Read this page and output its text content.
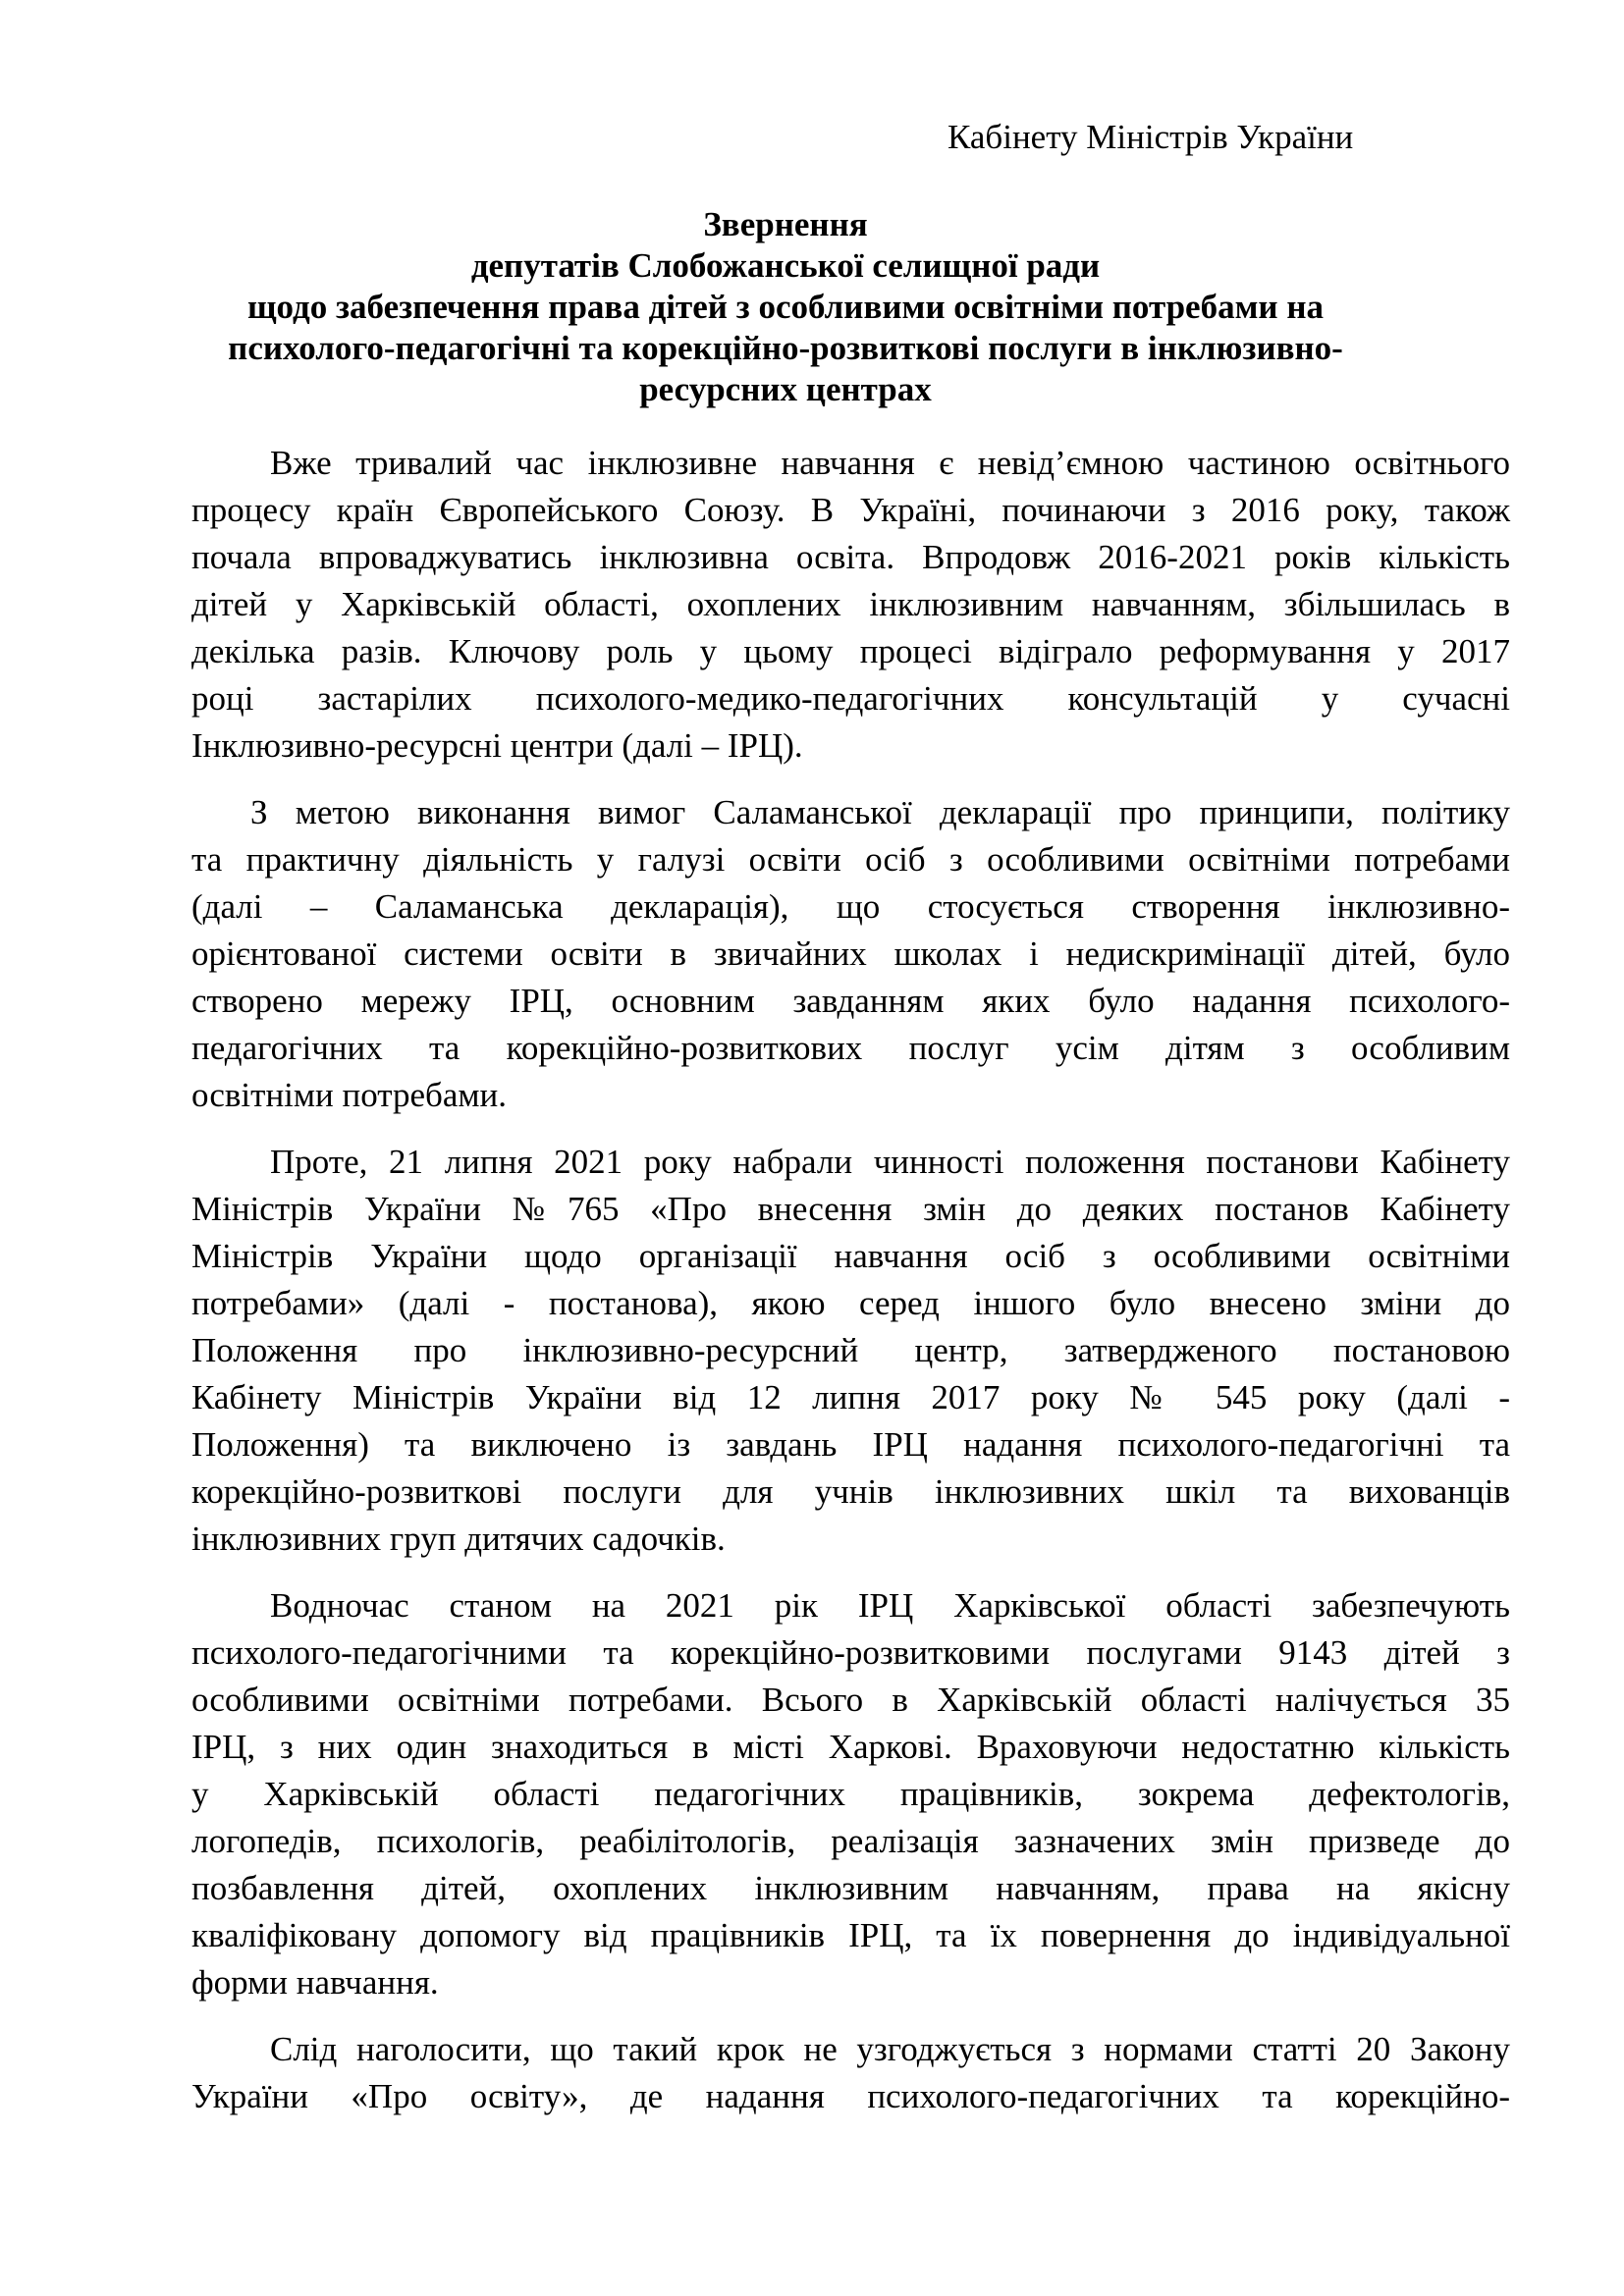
Кабінету Міністрів України
Звернення
депутатів Слобожанської селищної ради
щодо забезпечення права дітей з особливими освітніми потребами на
психолого-педагогічні та корекційно-розвиткові послуги в інклюзивно-
ресурсних центрах

Вже тривалий час інклюзивне навчання є невід’ємною частиною освітнього
процесу країн Європейського Союзу. В Україні, починаючи з 2016 року, також
почала впроваджуватись інклюзивна освіта. Впродовж 2016-2021 років кількість
дітей у Харківській області, охоплених інклюзивним навчанням, збільшилась в
декілька разів. Ключову роль у цьому процесі відіграло реформування у 2017
році застарілих психолого-медико-педагогічних консультацій у сучасні
Інклюзивно-ресурсні центри (далі – ІРЦ).

З метою виконання вимог Саламанської декларації про принципи, політику
та практичну діяльність у галузі освіти осіб з особливими освітніми потребами
(далі – Саламанська декларація), що стосується створення інклюзивно-
орієнтованої системи освіти в звичайних школах і недискримінації дітей, було
створено мережу ІРЦ, основним завданням яких було надання психолого-
педагогічних та корекційно-розвиткових послуг усім дітям з особливим
освітніми потребами.

Проте, 21 липня 2021 року набрали чинності положення постанови Кабінету
Міністрів України №765 «Про внесення змін до деяких постанов Кабінету
Міністрів України щодо організації навчання осіб з особливими освітніми
потребами» (далі - постанова), якою серед іншого було внесено зміни до
Положення про інклюзивно-ресурсний центр, затвердженого постановою
Кабінету Міністрів України від 12 липня 2017 року № 545 року (далі -
Положення) та виключено із завдань ІРЦ надання психолого-педагогічні та
корекційно-розвиткові послуги для учнів інклюзивних шкіл та вихованців
інклюзивних груп дитячих садочків.

Водночас станом на 2021 рік ІРЦ Харківської області забезпечують
психолого-педагогічними та корекційно-розвитковими послугами 9143 дітей з
особливими освітніми потребами. Всього в Харківській області налічується 35
ІРЦ, з них один знаходиться в місті Харкові. Враховуючи недостатню кількість
у Харківській області педагогічних працівників, зокрема дефектологів,
логопедів, психологів, реабілітологів, реалізація зазначених змін призведе до
позбавлення дітей, охоплених інклюзивним навчанням, права на якісну
кваліфіковану допомогу від працівників ІРЦ, та їх повернення до індивідуальної
форми навчання.

Слід наголосити, що такий крок не узгоджується з нормами статті 20 Закону
України «Про освіту», де надання психолого-педагогічних та корекційно-
